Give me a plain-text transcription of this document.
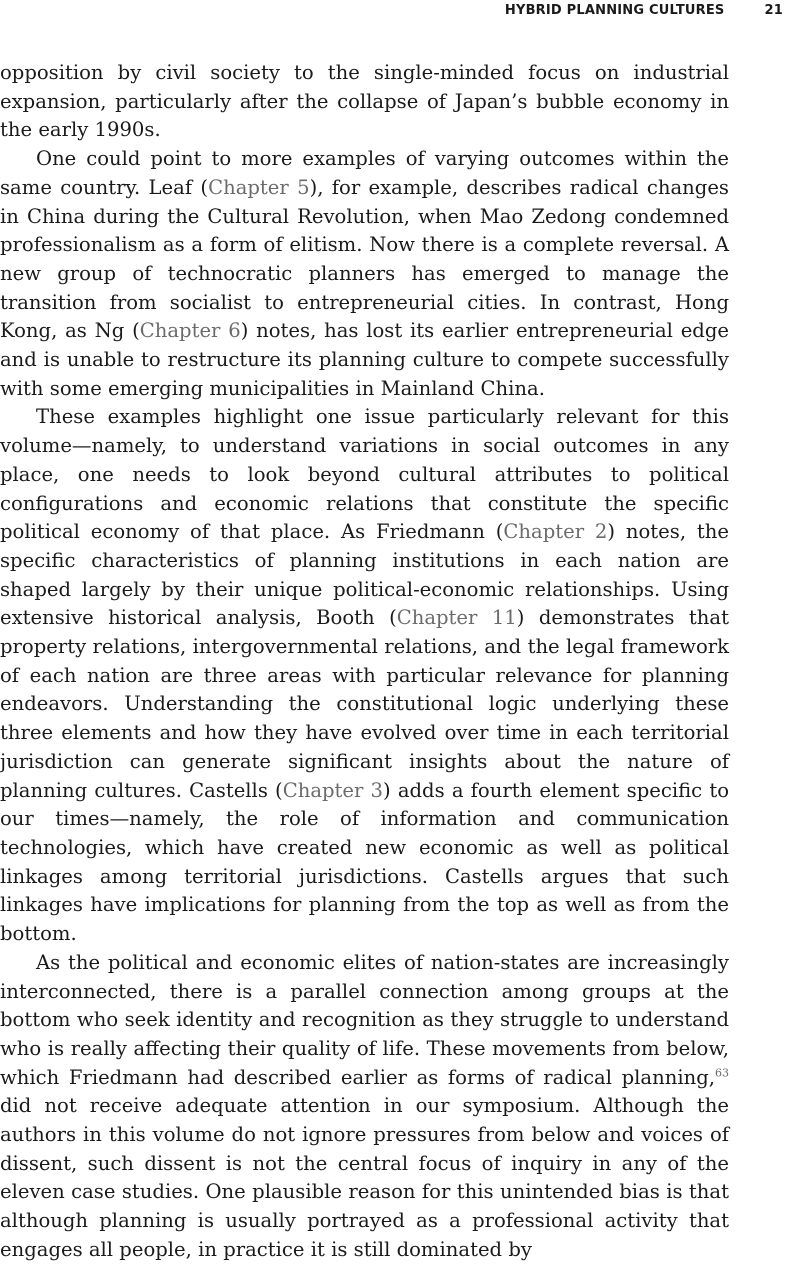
HYBRID PLANNING CULTURES	21

opposition by civil society to the single-minded focus on industrial expansion, particularly after the collapse of Japan’s bubble economy in the early 1990s.

One could point to more examples of varying outcomes within the same country. Leaf (Chapter 5), for example, describes radical changes in China during the Cultural Revolution, when Mao Zedong condemned professionalism as a form of elitism. Now there is a complete reversal. A new group of technocratic planners has emerged to manage the transition from socialist to entrepreneurial cities. In contrast, Hong Kong, as Ng (Chapter 6) notes, has lost its earlier entrepreneurial edge and is unable to restructure its planning culture to compete successfully with some emerging municipalities in Mainland China.

These examples highlight one issue particularly relevant for this volume—namely, to understand variations in social outcomes in any place, one needs to look beyond cultural attributes to political configurations and economic relations that constitute the specific political economy of that place. As Friedmann (Chapter 2) notes, the specific characteristics of planning institutions in each nation are shaped largely by their unique political-economic relationships. Using extensive historical analysis, Booth (Chapter 11) demonstrates that property relations, intergovernmental relations, and the legal framework of each nation are three areas with particular relevance for planning endeavors. Understanding the constitutional logic underlying these three elements and how they have evolved over time in each territorial jurisdiction can generate significant insights about the nature of planning cultures. Castells (Chapter 3) adds a fourth element specific to our times—namely, the role of information and communication technologies, which have created new economic as well as political linkages among territorial jurisdictions. Castells argues that such linkages have implications for planning from the top as well as from the bottom.

As the political and economic elites of nation-states are increasingly interconnected, there is a parallel connection among groups at the bottom who seek identity and recognition as they struggle to understand who is really affecting their quality of life. These movements from below, which Friedmann had described earlier as forms of radical planning,$^{63}$ did not receive adequate attention in our symposium. Although the authors in this volume do not ignore pressures from below and voices of dissent, such dissent is not the central focus of inquiry in any of the eleven case studies. One plausible reason for this unintended bias is that although planning is usually portrayed as a professional activity that engages all people, in practice it is still dominated by
